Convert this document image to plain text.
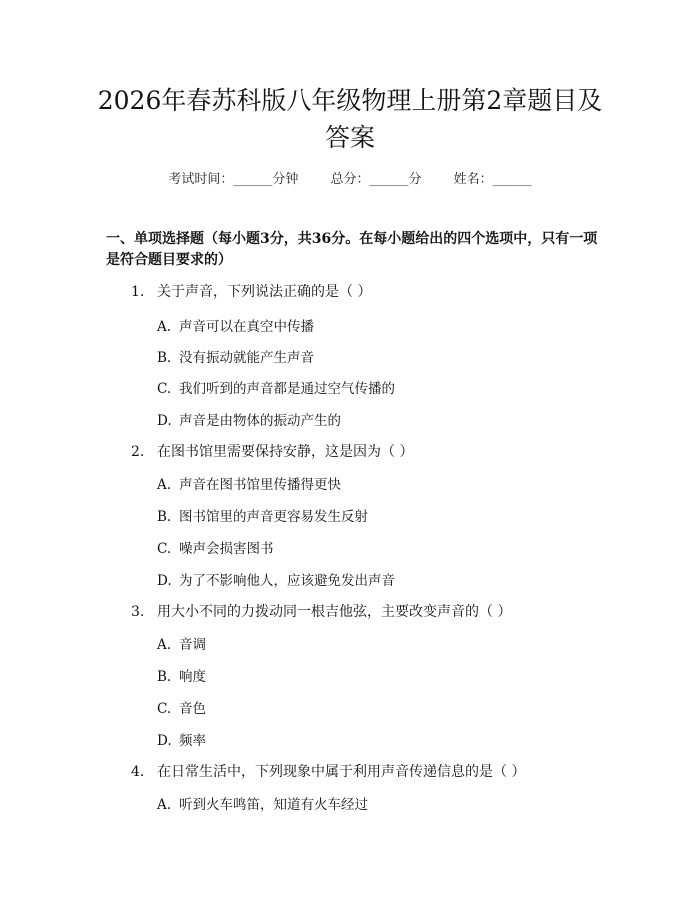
2026年春苏科版八年级物理上册第2章题目及答案
考试时间：______分钟 总分：______分 姓名：______
一、单项选择题（每小题3分，共36分。在每小题给出的四个选项中，只有一项是符合题目要求的）
1. 关于声音，下列说法正确的是（ ）
A. 声音可以在真空中传播
B. 没有振动就能产生声音
C. 我们听到的声音都是通过空气传播的
D. 声音是由物体的振动产生的
2. 在图书馆里需要保持安静，这是因为（ ）
A. 声音在图书馆里传播得更快
B. 图书馆里的声音更容易发生反射
C. 噪声会损害图书
D. 为了不影响他人，应该避免发出声音
3. 用大小不同的力拨动同一根吉他弦，主要改变声音的（ ）
A. 音调
B. 响度
C. 音色
D. 频率
4. 在日常生活中，下列现象中属于利用声音传递信息的是（ ）
A. 听到火车鸣笛，知道有火车经过
